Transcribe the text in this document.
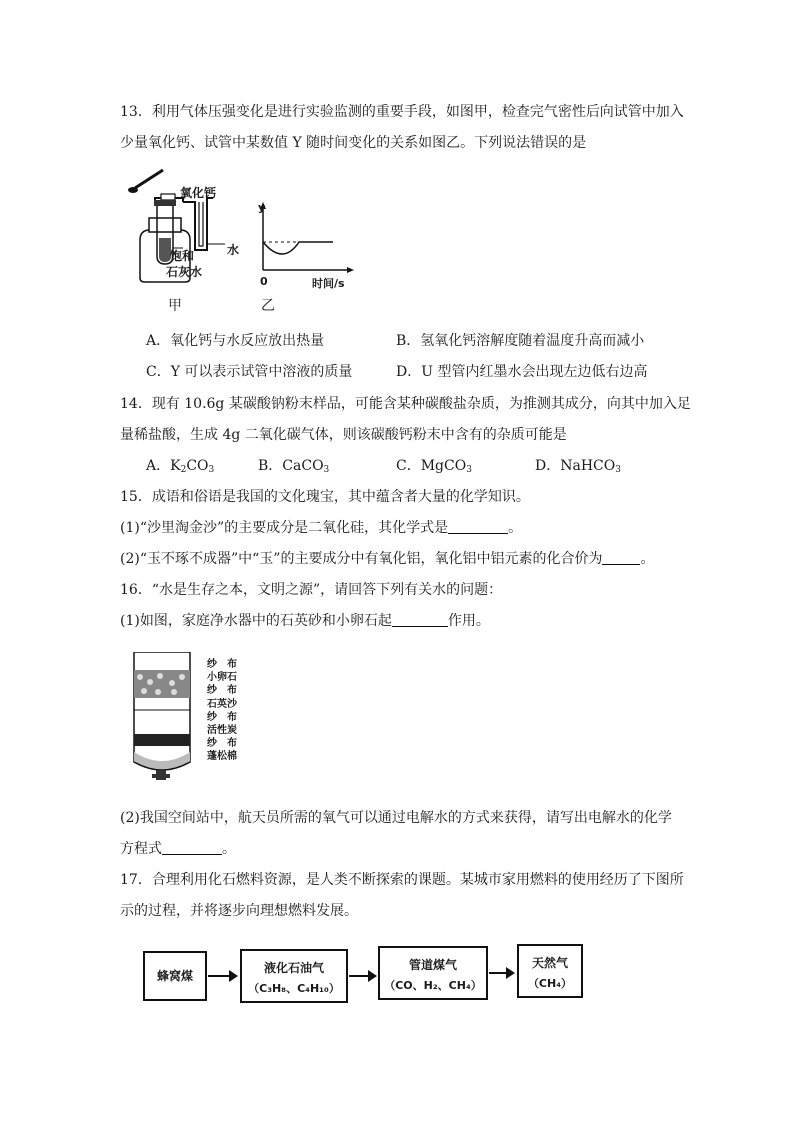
13．利用气体压强变化是进行实验监测的重要手段，如图甲，检查完气密性后向试管中加入
少量氧化钙、试管中某数值 Y 随时间变化的关系如图乙。下列说法错误的是
氧化钙
水
饱和
石灰水
甲
y
0	时间/s
乙
A．氧化钙与水反应放出热量	B．氢氧化钙溶解度随着温度升高而减小
C．Y 可以表示试管中溶液的质量	D．U 型管内红墨水会出现左边低右边高
14．现有 10.6g 某碳酸钠粉末样品，可能含某种碳酸盐杂质，为推测其成分，向其中加入足
量稀盐酸，生成 4g 二氧化碳气体，则该碳酸钙粉末中含有的杂质可能是
A．$K_2CO_3$	B．CaCO$_3$	C．MgCO$_3$	D．NaHCO$_3$
15．成语和俗语是我国的文化瑰宝，其中蕴含者大量的化学知识。
(1)“沙里淘金沙”的主要成分是二氧化硅，其化学式是	。
(2)“玉不琢不成器”中“玉”的主要成分中有氧化铝，氧化铝中铝元素的化合价为	。
16．“水是生存之本，文明之源”，请回答下列有关水的问题：
(1)如图，家庭净水器中的石英砂和小卵石起	作用。
纱　布
小卵石
纱　布
石英沙
纱　布
活性炭
纱　布
蓬松棉
(2)我国空间站中，航天员所需的氧气可以通过电解水的方式来获得，请写出电解水的化学
方程式	。
17．合理利用化石燃料资源，是人类不断探索的课题。某城市家用燃料的使用经历了下图所
示的过程，并将逐步向理想燃料发展。
蜂窝煤
液化石油气
（C₃H₈、C₄H₁₀）
管道煤气
（CO、H₂、CH₄）
天然气
（CH₄）
